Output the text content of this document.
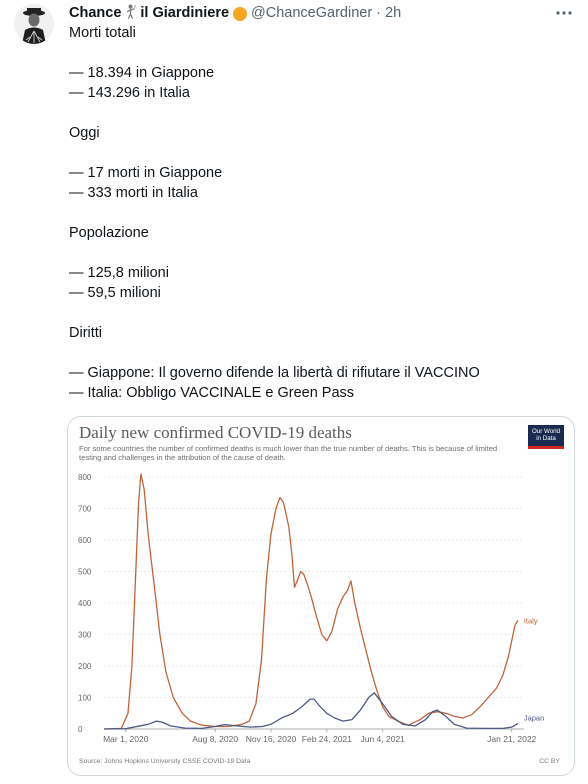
Chance il Giardiniere @ChanceGardiner · 2h

Morti totali

— 18.394 in Giappone

— 143.296 in Italia

Oggi

— 17 morti in Giappone

— 333 morti in Italia

Popolazione

— 125,8 milioni

— 59,5 milioni

Diritti

— Giappone: Il governo difende la libertà di rifiutare il VACCINO

— Italia: Obbligo VACCINALE e Green Pass

Daily new confirmed COVID-19 deaths
For some countries the number of confirmed deaths is much lower than the true number of deaths. This is because of limited testing and challenges in the attribution of the cause of death.
Our World
in Data
0
100
200
300
400
500
600
700
800
Mar 1, 2020	Aug 8, 2020 Nov 16, 2020 Feb 24, 2021 Jun 4, 2021	Jan 21, 2022
Italy
Japan
Source: Johns Hopkins University CSSE COVID-19 Data	CC BY
